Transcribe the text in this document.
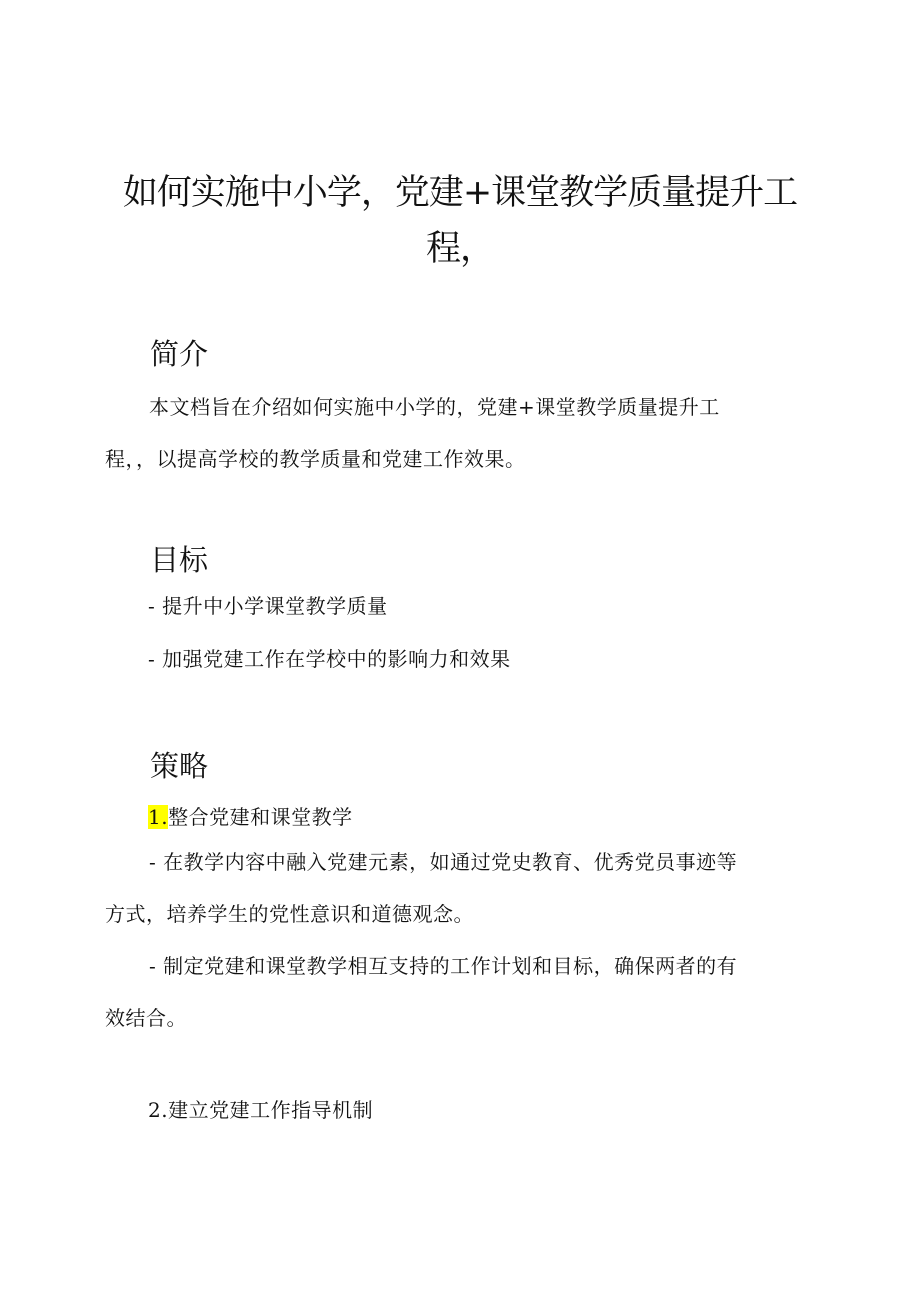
如何实施中小学，党建+课堂教学质量提升工程，
简介

本文档旨在介绍如何实施中小学的，党建+课堂教学质量提升工程，，以提高学校的教学质量和党建工作效果。

目标

- 提升中小学课堂教学质量

- 加强党建工作在学校中的影响力和效果

策略

1.整合党建和课堂教学

- 在教学内容中融入党建元素，如通过党史教育、优秀党员事迹等方式，培养学生的党性意识和道德观念。

- 制定党建和课堂教学相互支持的工作计划和目标，确保两者的有效结合。

2.建立党建工作指导机制
